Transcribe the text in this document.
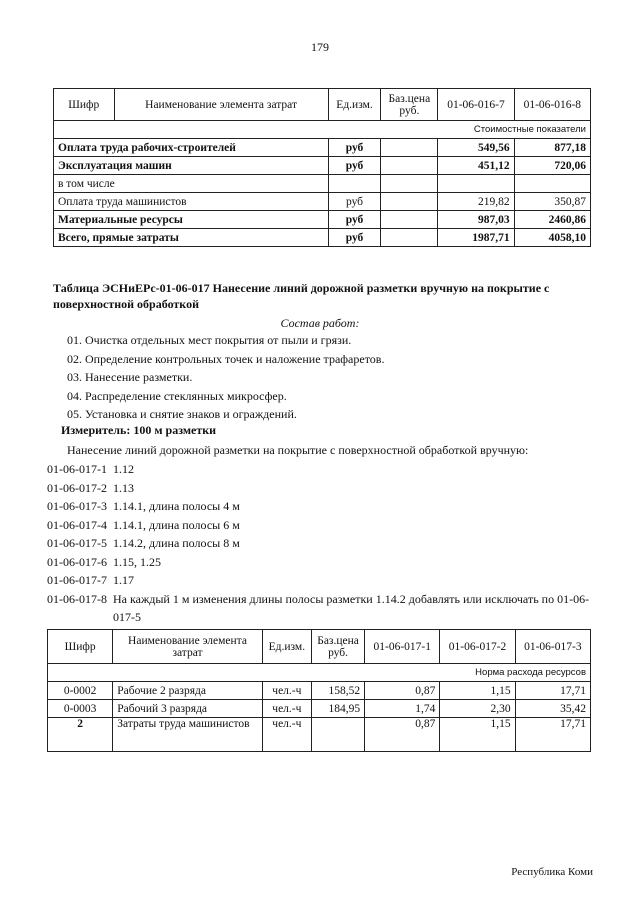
179
Шифр	Наименование элемента затрат	Ед.изм.	Баз.цена руб.	01-06-016-7	01-06-016-8
Стоимостные показатели					
Оплата труда рабочих-строителей		руб		549,56	877,18
Эксплуатация машин		руб		451,12	720,06
в том числе					
Оплата труда машинистов		руб		219,82	350,87
Материальные ресурсы		руб		987,03	2460,86
Всего, прямые затраты		руб		1987,71	4058,10
Таблица ЭСНиЕРс-01-06-017 Нанесение линий дорожной разметки вручную на покрытие с поверхностной обработкой
Состав работ:
01. Очистка отдельных мест покрытия от пыли и грязи.
02. Определение контрольных точек и наложение трафаретов.
03. Нанесение разметки.
04. Распределение стеклянных микросфер.
05. Установка и снятие знаков и ограждений.
Измеритель: 100 м разметки
Нанесение линий дорожной разметки на покрытие с поверхностной обработкой вручную:
01-06-017-1 1.12
01-06-017-2 1.13
01-06-017-3 1.14.1, длина полосы 4 м
01-06-017-4 1.14.1, длина полосы 6 м
01-06-017-5 1.14.2, длина полосы 8 м
01-06-017-6 1.15, 1.25
01-06-017-7 1.17
01-06-017-8 На каждый 1 м изменения длины полосы разметки 1.14.2 добавлять или исключать по 01-06-017-5
Шифр	Наименование элемента затрат	Ед.изм.	Баз.цена руб.	01-06-017-1	01-06-017-2	01-06-017-3
Норма расхода ресурсов						
0-0002	Рабочие 2 разряда	чел.-ч	158,52	0,87	1,15	17,71
0-0003	Рабочий 3 разряда	чел.-ч	184,95	1,74	2,30	35,42
2	Затраты труда машинистов	чел.-ч		0,87	1,15	17,71
Республика Коми
